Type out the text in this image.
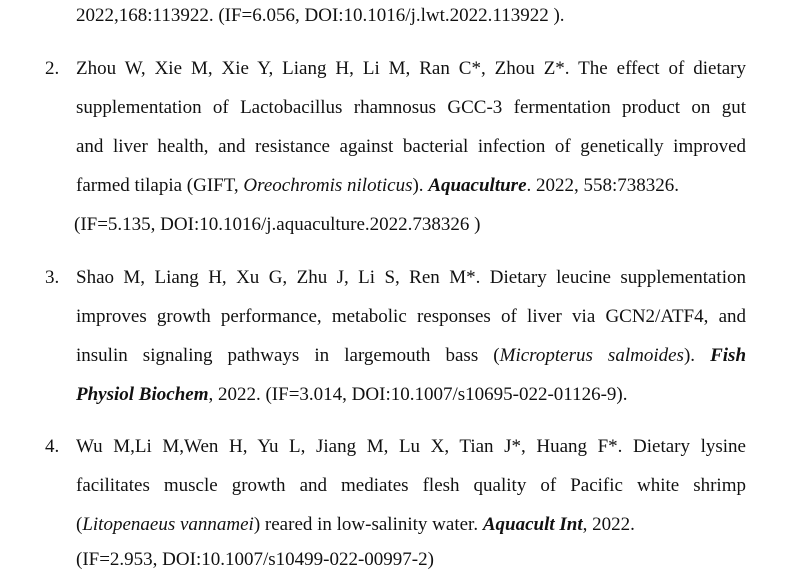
2022,168:113922. (IF=6.056, DOI:10.1016/j.lwt.2022.113922 ).
2. Zhou W, Xie M, Xie Y, Liang H, Li M, Ran C*, Zhou Z*. The effect of dietary
supplementation of Lactobacillus rhamnosus GCC-3 fermentation product on gut
and liver health, and resistance against bacterial infection of genetically improved
farmed tilapia (GIFT, Oreochromis niloticus). Aquaculture. 2022, 558:738326.
(IF=5.135, DOI:10.1016/j.aquaculture.2022.738326 )
3. Shao M, Liang H, Xu G, Zhu J, Li S, Ren M*. Dietary leucine supplementation
improves growth performance, metabolic responses of liver via GCN2/ATF4, and
insulin signaling pathways in largemouth bass (Micropterus salmoides). Fish
Physiol Biochem, 2022. (IF=3.014, DOI:10.1007/s10695-022-01126-9).
4. Wu M,Li M,Wen H, Yu L, Jiang M, Lu X, Tian J*, Huang F*. Dietary lysine
facilitates muscle growth and mediates flesh quality of Pacific white shrimp
(Litopenaeus vannamei) reared in low-salinity water. Aquacult Int, 2022.
(IF=2.953, DOI:10.1007/s10499-022-00997-2)
